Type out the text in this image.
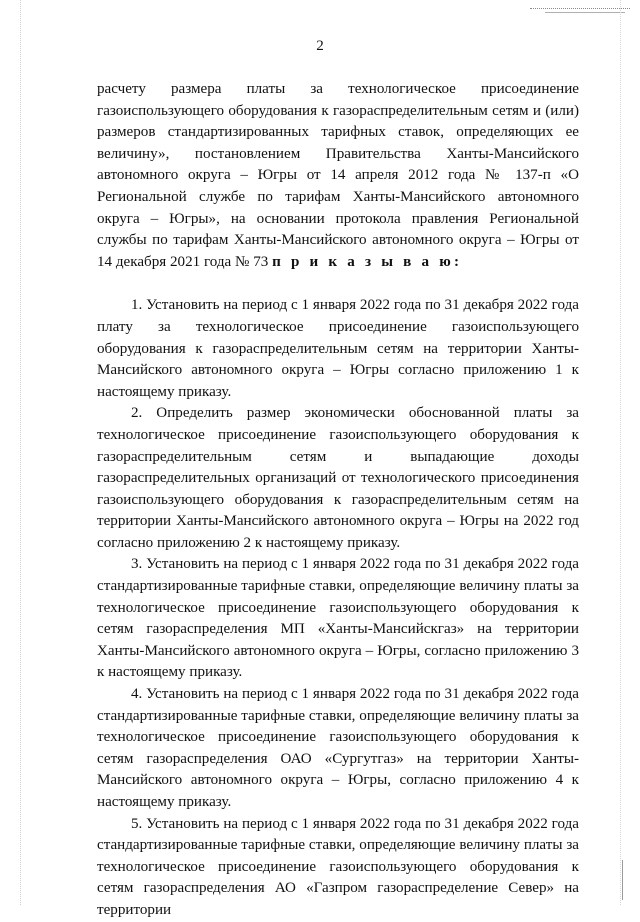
2

расчету размера платы за технологическое присоединение газоиспользующего оборудования к газораспределительным сетям и (или) размеров стандартизированных тарифных ставок, определяющих ее величину», постановлением Правительства Ханты-Мансийского автономного округа – Югры от 14 апреля 2012 года № 137-п «О Региональной службе по тарифам Ханты-Мансийского автономного округа – Югры», на основании протокола правления Региональной службы по тарифам Ханты-Мансийского автономного округа – Югры от 14 декабря 2021 года № 73 п р и к а з ы в а ю:

1. Установить на период с 1 января 2022 года по 31 декабря 2022 года плату за технологическое присоединение газоиспользующего оборудования к газораспределительным сетям на территории Ханты-Мансийского автономного округа – Югры согласно приложению 1 к настоящему приказу.

2. Определить размер экономически обоснованной платы за технологическое присоединение газоиспользующего оборудования к газораспределительным сетям и выпадающие доходы газораспределительных организаций от технологического присоединения газоиспользующего оборудования к газораспределительным сетям на территории Ханты-Мансийского автономного округа – Югры на 2022 год согласно приложению 2 к настоящему приказу.

3. Установить на период с 1 января 2022 года по 31 декабря 2022 года стандартизированные тарифные ставки, определяющие величину платы за технологическое присоединение газоиспользующего оборудования к сетям газораспределения МП «Ханты-Мансийскгаз» на территории Ханты-Мансийского автономного округа – Югры, согласно приложению 3 к настоящему приказу.

4. Установить на период с 1 января 2022 года по 31 декабря 2022 года стандартизированные тарифные ставки, определяющие величину платы за технологическое присоединение газоиспользующего оборудования к сетям газораспределения ОАО «Сургутгаз» на территории Ханты-Мансийского автономного округа – Югры, согласно приложению 4 к настоящему приказу.

5. Установить на период с 1 января 2022 года по 31 декабря 2022 года стандартизированные тарифные ставки, определяющие величину платы за технологическое присоединение газоиспользующего оборудования к сетям газораспределения АО «Газпром газораспределение Север» на территории
